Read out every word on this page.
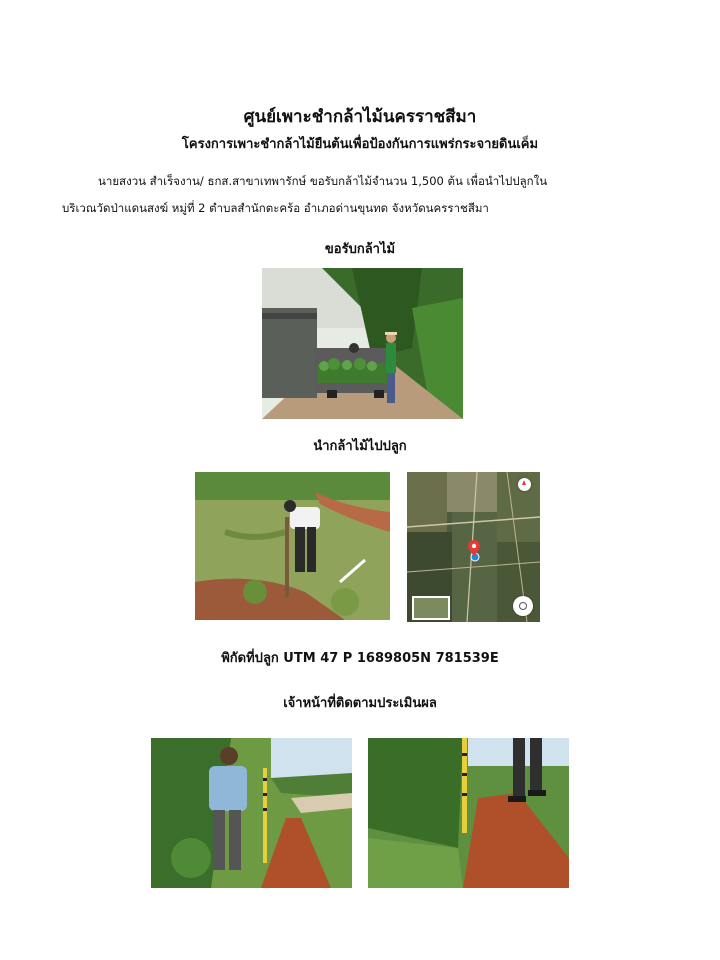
ศูนย์เพาะชำกล้าไม้นครราชสีมา
โครงการเพาะชำกล้าไม้ยืนต้นเพื่อป้องกันการแพร่กระจายดินเค็ม
นายสงวน สำเร็จงาน/ ธกส.สาขาเทพารักษ์ ขอรับกล้าไม้จำนวน 1,500 ต้น เพื่อนำไปปลูกใน
บริเวณวัดป่าแดนสงฆ์ หมู่ที่ 2 ตำบลสำนักตะคร้อ อำเภอด่านขุนทด จังหวัดนครราชสีมา
ขอรับกล้าไม้
นำกล้าไม้ไปปลูก
พิกัดที่ปลูก UTM 47 P 1689805N 781539E
เจ้าหน้าที่ติดตามประเมินผล
